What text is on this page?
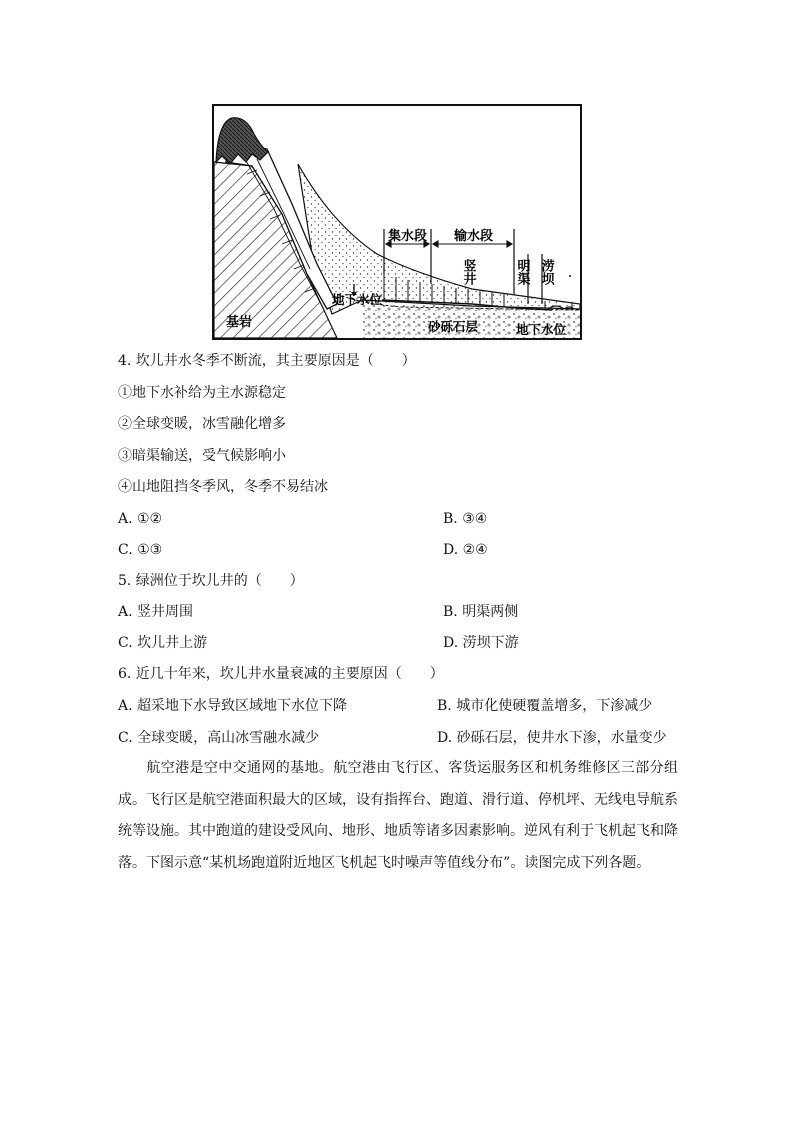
集水段 输水段
明渠 涝坝
竖井
地下水位
砂砾石层	地下水位
基岩
4. 坎儿井水冬季不断流，其主要原因是（　　）
①地下水补给为主水源稳定
②全球变暖，冰雪融化增多
③暗渠输送，受气候影响小
④山地阻挡冬季风，冬季不易结冰
A. ①②	B. ③④
C. ①③	D. ②④
5. 绿洲位于坎儿井的（　　）
A. 竖井周围	B. 明渠两侧
C. 坎儿井上游	D. 涝坝下游
6. 近几十年来，坎儿井水量衰减的主要原因（　　）
A. 超采地下水导致区域地下水位下降	B. 城市化使硬覆盖增多，下渗减少
C. 全球变暖，高山冰雪融水减少	D. 砂砾石层，使井水下渗，水量变少
航空港是空中交通网的基地。航空港由飞行区、客货运服务区和机务维修区三部分组成。飞行区是航空港面积最大的区域，设有指挥台、跑道、滑行道、停机坪、无线电导航系统等设施。其中跑道的建设受风向、地形、地质等诸多因素影响。逆风有利于飞机起飞和降落。下图示意“某机场跑道附近地区飞机起飞时噪声等值线分布”。读图完成下列各题。
